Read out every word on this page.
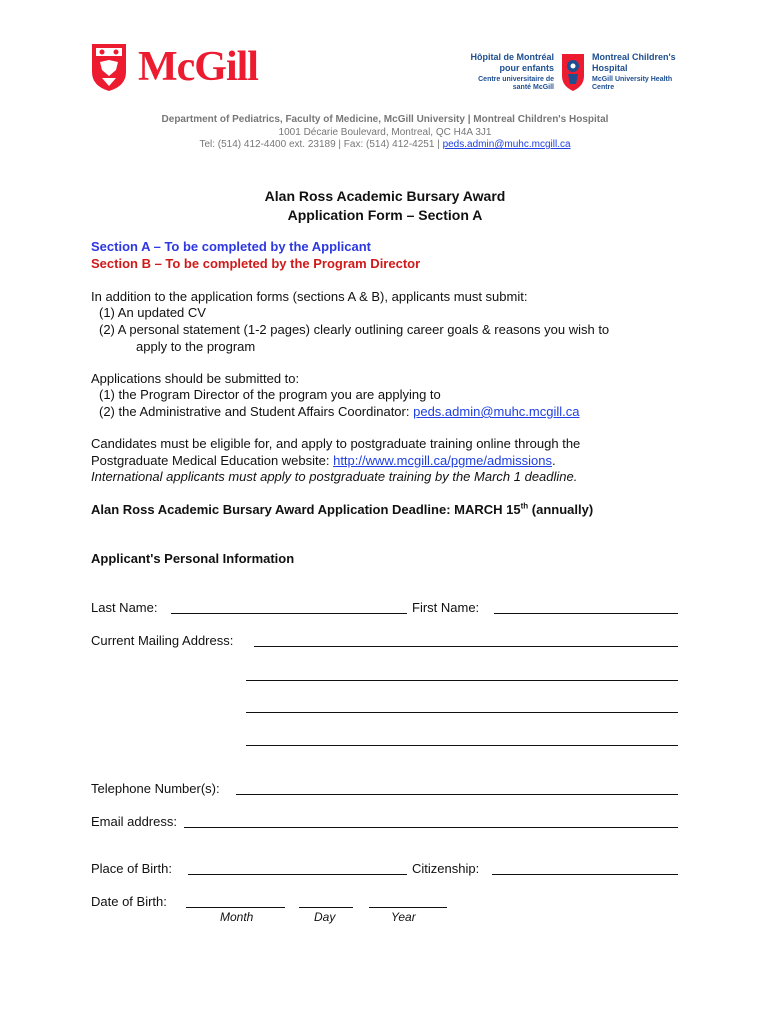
McGill	Hôpital de Montréal pour enfants
Centre universitaire de santé McGill
Montreal Children's Hospital
McGill University Health Centre
Department of Pediatrics, Faculty of Medicine, McGill University | Montreal Children's Hospital
1001 Décarie Boulevard, Montreal, QC H4A 3J1
Tel: (514) 412-4400 ext. 23189 | Fax: (514) 412-4251 | peds.admin@muhc.mcgill.ca
Alan Ross Academic Bursary Award
Application Form – Section A
Section A – To be completed by the Applicant
Section B – To be completed by the Program Director
In addition to the application forms (sections A & B), applicants must submit:
(1) An updated CV
(2) A personal statement (1-2 pages) clearly outlining career goals & reasons you wish to
apply to the program
Applications should be submitted to:
(1) the Program Director of the program you are applying to
(2) the Administrative and Student Affairs Coordinator: peds.admin@muhc.mcgill.ca
Candidates must be eligible for, and apply to postgraduate training online through the
Postgraduate Medical Education website: http://www.mcgill.ca/pgme/admissions.
International applicants must apply to postgraduate training by the March 1 deadline.
Alan Ross Academic Bursary Award Application Deadline: MARCH 15th (annually)
Applicant's Personal Information
Last Name:	First Name:
Current Mailing Address:
Telephone Number(s):
Email address:
Place of Birth:	Citizenship:
Date of Birth:
Month	Day	Year
